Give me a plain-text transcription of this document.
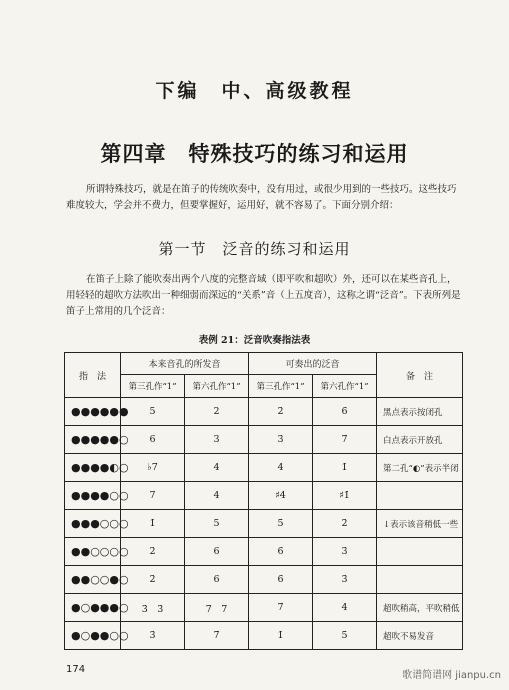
下编　中、高级教程
第四章　特殊技巧的练习和运用
所谓特殊技巧，就是在笛子的传统吹奏中，没有用过，或很少用到的一些技巧。这些技巧难度较大，学会并不费力，但要掌握好，运用好，就不容易了。下面分别介绍：
第一节　泛音的练习和运用
在笛子上除了能吹奏出两个八度的完整音域（即平吹和超吹）外，还可以在某些音孔上，用轻轻的超吹方法吹出一种细弱而深远的“关系”音（上五度音），这称之谓“泛音”。下表所列是笛子上常用的几个泛音：
表例 21：泛音吹奏指法表
指　法	本来音孔的所发音		可奏出的泛音		备　注
	第三孔作“1”	第六孔作“1”	第三孔作“1”	第六孔作“1”	
●●●●●●	5	2	2̇	6̇	黑点表示按闭孔
●●●●●○	6	3	3̇	7̇	白点表示开放孔
●●●●◐○	♭7	4	4̇	1̇	第二孔“◐”表示半闭
●●●●○○	7	4	♯4̇	♯1̇	
●●●○○○	1̇	5	5̇	2̇	↓表示该音稍低一些
●●○○○○	2̇	6	6̇	3̇	
●●○○●○	2̇	6	6̇	3̇	
●○●●●○	3̇　3̇	7　7	7̇	4̇	超吹稍高，平吹稍低
●○●●○○	3̇	7̇	1̇	5̇	超吹不易发音
174
歌谱简谱网 jianpu.cn
